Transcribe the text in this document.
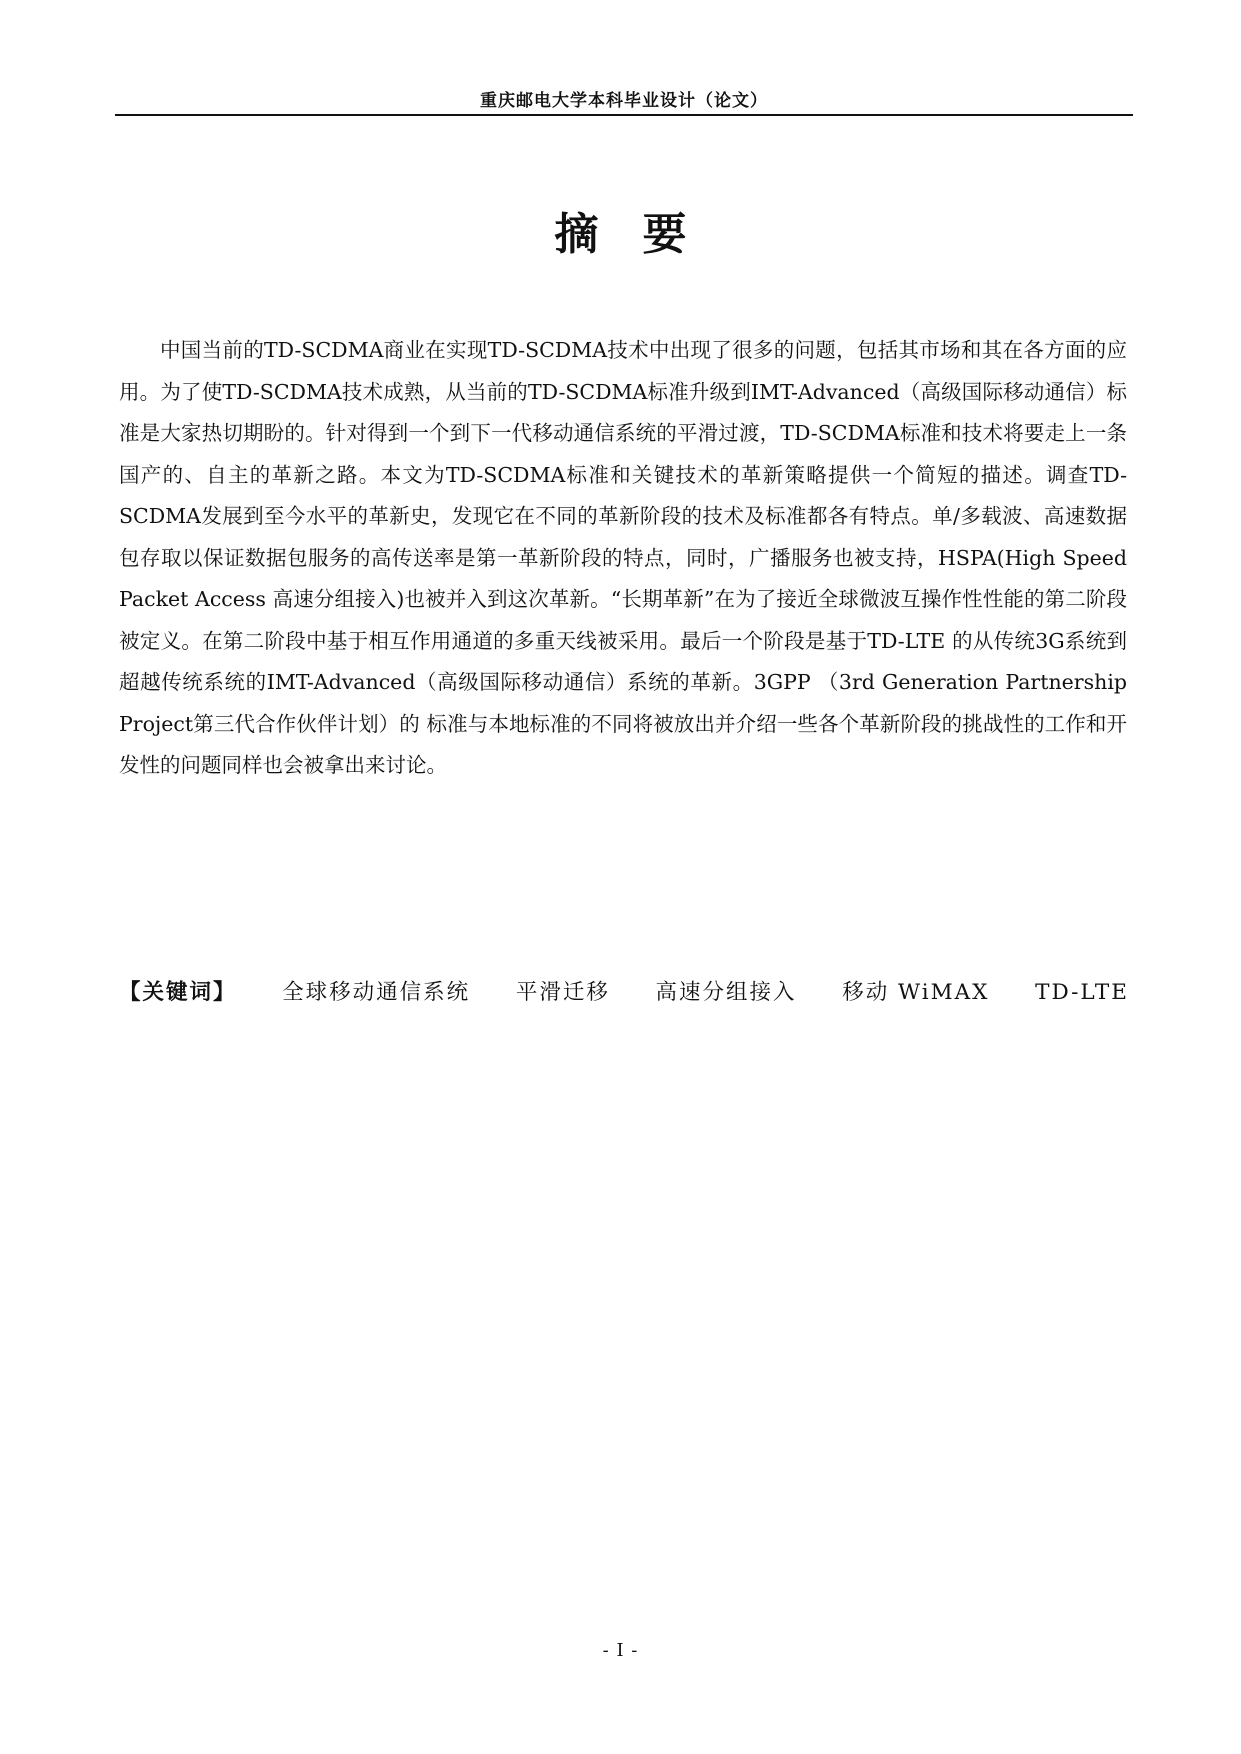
重庆邮电大学本科毕业设计（论文）
摘要

中国当前的TD-SCDMA商业在实现TD-SCDMA技术中出现了很多的问题，包括其市场和其在各方面的应用。为了使TD-SCDMA技术成熟，从当前的TD-SCDMA标准升级到IMT-Advanced（高级国际移动通信）标准是大家热切期盼的。针对得到一个到下一代移动通信系统的平滑过渡，TD-SCDMA标准和技术将要走上一条国产的、自主的革新之路。本文为TD-SCDMA标准和关键技术的革新策略提供一个简短的描述。调查TD-SCDMA发展到至今水平的革新史，发现它在不同的革新阶段的技术及标准都各有特点。单/多载波、高速数据包存取以保证数据包服务的高传送率是第一革新阶段的特点，同时，广播服务也被支持，HSPA(High Speed Packet Access 高速分组接入)也被并入到这次革新。“长期革新”在为了接近全球微波互操作性性能的第二阶段被定义。在第二阶段中基于相互作用通道的多重天线被采用。最后一个阶段是基于TD-LTE 的从传统3G系统到超越传统系统的IMT-Advanced（高级国际移动通信）系统的革新。3GPP （3rd Generation Partnership Project第三代合作伙伴计划）的 标准与本地标准的不同将被放出并介绍一些各个革新阶段的挑战性的工作和开发性的问题同样也会被拿出来讨论。

【关键词】 全球移动通信系统 平滑迁移 高速分组接入 移动 WiMAX TD-LTE
- I -
